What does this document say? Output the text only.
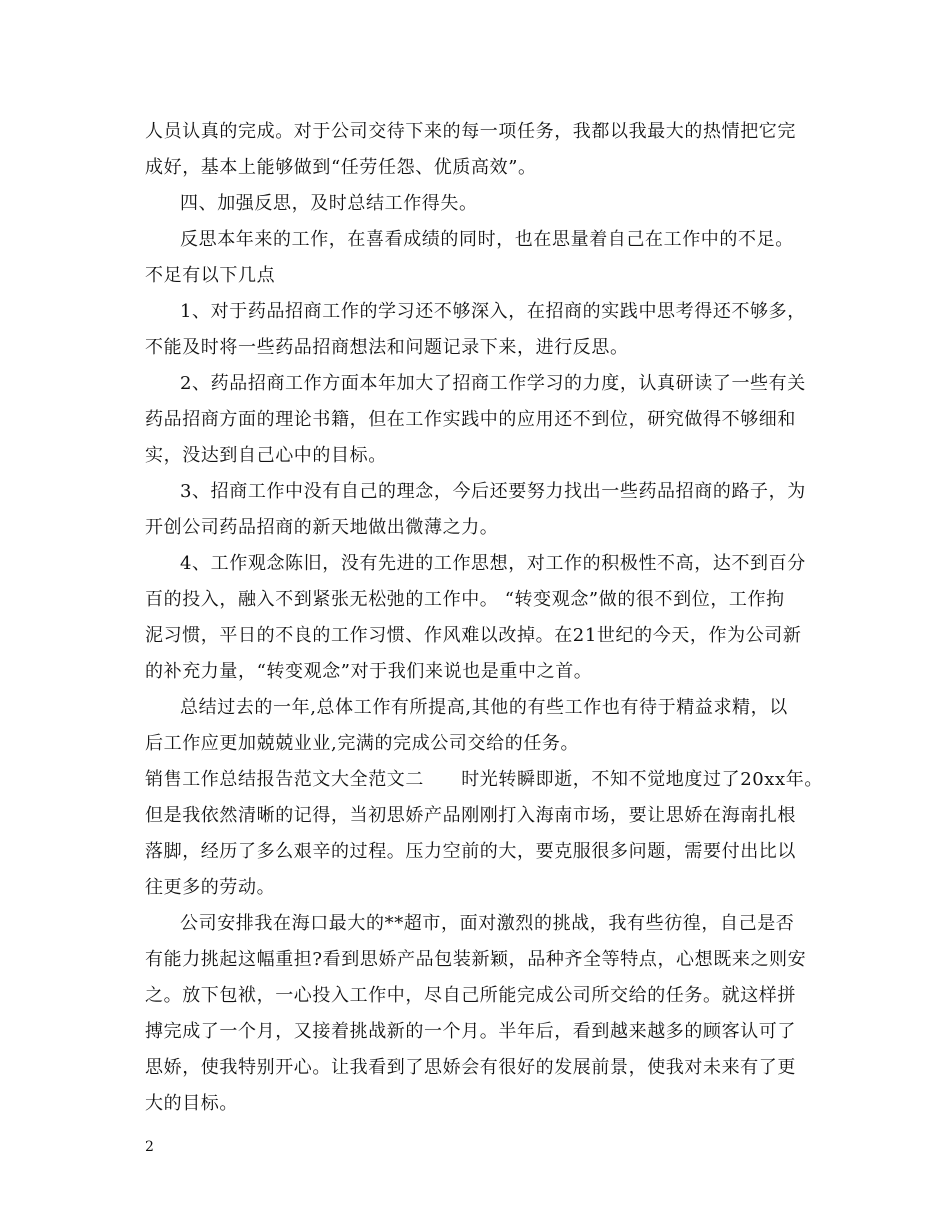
人员认真的完成。对于公司交待下来的每一项任务，我都以我最大的热情把它完
成好，基本上能够做到“任劳任怨、优质高效”。
四、加强反思，及时总结工作得失。
反思本年来的工作，在喜看成绩的同时，也在思量着自己在工作中的不足。
不足有以下几点
1、对于药品招商工作的学习还不够深入，在招商的实践中思考得还不够多，
不能及时将一些药品招商想法和问题记录下来，进行反思。
2、药品招商工作方面本年加大了招商工作学习的力度，认真研读了一些有关
药品招商方面的理论书籍，但在工作实践中的应用还不到位，研究做得不够细和
实，没达到自己心中的目标。
3、招商工作中没有自己的理念，今后还要努力找出一些药品招商的路子，为
开创公司药品招商的新天地做出微薄之力。
4、工作观念陈旧，没有先进的工作思想，对工作的积极性不高，达不到百分
百的投入，融入不到紧张无松弛的工作中。 “转变观念”做的很不到位，工作拘
泥习惯，平日的不良的工作习惯、作风难以改掉。在21世纪的今天，作为公司新
的补充力量，“转变观念”对于我们来说也是重中之首。
总结过去的一年,总体工作有所提高,其他的有些工作也有待于精益求精，以
后工作应更加兢兢业业,完满的完成公司交给的任务。
销售工作总结报告范文大全范文二　　时光转瞬即逝，不知不觉地度过了20xx年。
但是我依然清晰的记得，当初思娇产品刚刚打入海南市场，要让思娇在海南扎根
落脚，经历了多么艰辛的过程。压力空前的大，要克服很多问题，需要付出比以
往更多的劳动。
公司安排我在海口最大的**超市，面对激烈的挑战，我有些彷徨，自己是否
有能力挑起这幅重担?看到思娇产品包装新颖，品种齐全等特点，心想既来之则安
之。放下包袱，一心投入工作中，尽自己所能完成公司所交给的任务。就这样拼
搏完成了一个月，又接着挑战新的一个月。半年后，看到越来越多的顾客认可了
思娇，使我特别开心。让我看到了思娇会有很好的发展前景，使我对未来有了更
大的目标。
2
